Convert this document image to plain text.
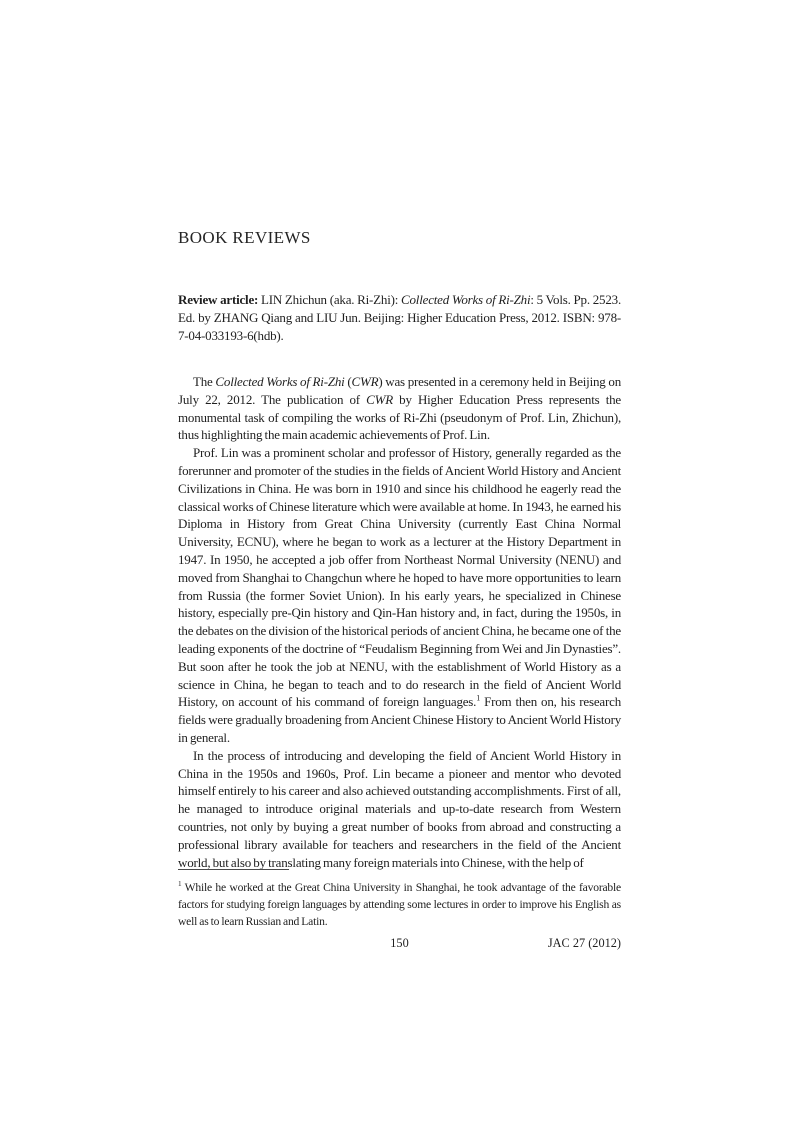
BOOK REVIEWS

Review article: LIN Zhichun (aka. Ri-Zhi): Collected Works of Ri-Zhi: 5 Vols. Pp. 2523. Ed. by ZHANG Qiang and LIU Jun. Beijing: Higher Education Press, 2012. ISBN: 978-7-04-033193-6(hdb).

The Collected Works of Ri-Zhi (CWR) was presented in a ceremony held in Beijing on July 22, 2012. The publication of CWR by Higher Education Press represents the monumental task of compiling the works of Ri-Zhi (pseudonym of Prof. Lin, Zhichun), thus highlighting the main academic achievements of Prof. Lin.

Prof. Lin was a prominent scholar and professor of History, generally regarded as the forerunner and promoter of the studies in the fields of Ancient World History and Ancient Civilizations in China. He was born in 1910 and since his childhood he eagerly read the classical works of Chinese literature which were available at home. In 1943, he earned his Diploma in History from Great China University (currently East China Normal University, ECNU), where he began to work as a lecturer at the History Department in 1947. In 1950, he accepted a job offer from Northeast Normal University (NENU) and moved from Shanghai to Changchun where he hoped to have more opportunities to learn from Russia (the former Soviet Union). In his early years, he specialized in Chinese history, especially pre-Qin history and Qin-Han history and, in fact, during the 1950s, in the debates on the division of the historical periods of ancient China, he became one of the leading exponents of the doctrine of “Feudalism Beginning from Wei and Jin Dynasties”. But soon after he took the job at NENU, with the establishment of World History as a science in China, he began to teach and to do research in the field of Ancient World History, on account of his command of foreign languages.$^1$ From then on, his research fields were gradually broadening from Ancient Chinese History to Ancient World History in general.

In the process of introducing and developing the field of Ancient World History in China in the 1950s and 1960s, Prof. Lin became a pioneer and mentor who devoted himself entirely to his career and also achieved outstanding accomplishments. First of all, he managed to introduce original materials and up-to-date research from Western countries, not only by buying a great number of books from abroad and constructing a professional library available for teachers and researchers in the field of the Ancient world, but also by translating many foreign materials into Chinese, with the help of

$^1$ While he worked at the Great China University in Shanghai, he took advantage of the favorable factors for studying foreign languages by attending some lectures in order to improve his English as well as to learn Russian and Latin.

150	JAC 27 (2012)
